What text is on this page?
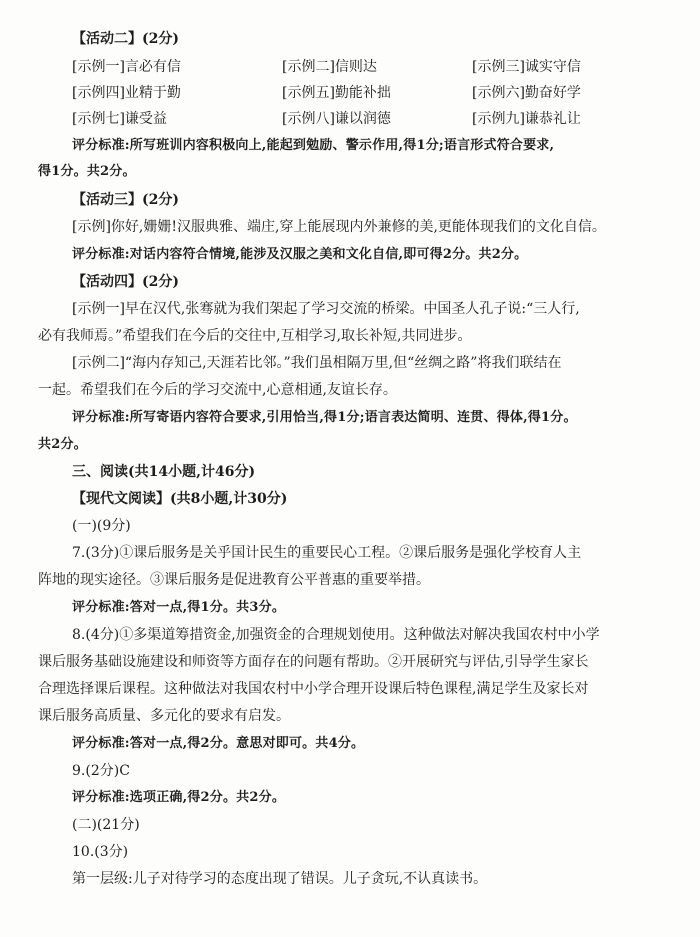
【活动二】(2分)
[示例一]言必有信	[示例二]信则达	[示例三]诚实守信
[示例四]业精于勤	[示例五]勤能补拙	[示例六]勤奋好学
[示例七]谦受益	[示例八]谦以润德	[示例九]谦恭礼让
评分标准:所写班训内容积极向上,能起到勉励、警示作用,得1分;语言形式符合要求,
得1分。共2分。
【活动三】(2分)
[示例]你好,姗姗!汉服典雅、端庄,穿上能展现内外兼修的美,更能体现我们的文化自信。
评分标准:对话内容符合情境,能涉及汉服之美和文化自信,即可得2分。共2分。
【活动四】(2分)
[示例一]早在汉代,张骞就为我们架起了学习交流的桥梁。中国圣人孔子说:“三人行,
必有我师焉。”希望我们在今后的交往中,互相学习,取长补短,共同进步。
[示例二]“海内存知己,天涯若比邻。”我们虽相隔万里,但“丝绸之路”将我们联结在
一起。希望我们在今后的学习交流中,心意相通,友谊长存。
评分标准:所写寄语内容符合要求,引用恰当,得1分;语言表达简明、连贯、得体,得1分。
共2分。
三、阅读(共14小题,计46分)
【现代文阅读】(共8小题,计30分)
(一)(9分)
7.(3分)①课后服务是关乎国计民生的重要民心工程。②课后服务是强化学校育人主
阵地的现实途径。③课后服务是促进教育公平普惠的重要举措。
评分标准:答对一点,得1分。共3分。
8.(4分)①多渠道筹措资金,加强资金的合理规划使用。这种做法对解决我国农村中小学
课后服务基础设施建设和师资等方面存在的问题有帮助。②开展研究与评估,引导学生家长
合理选择课后课程。这种做法对我国农村中小学合理开设课后特色课程,满足学生及家长对
课后服务高质量、多元化的要求有启发。
评分标准:答对一点,得2分。意思对即可。共4分。
9.(2分)C
评分标准:选项正确,得2分。共2分。
(二)(21分)
10.(3分)
第一层级:儿子对待学习的态度出现了错误。儿子贪玩,不认真读书。
